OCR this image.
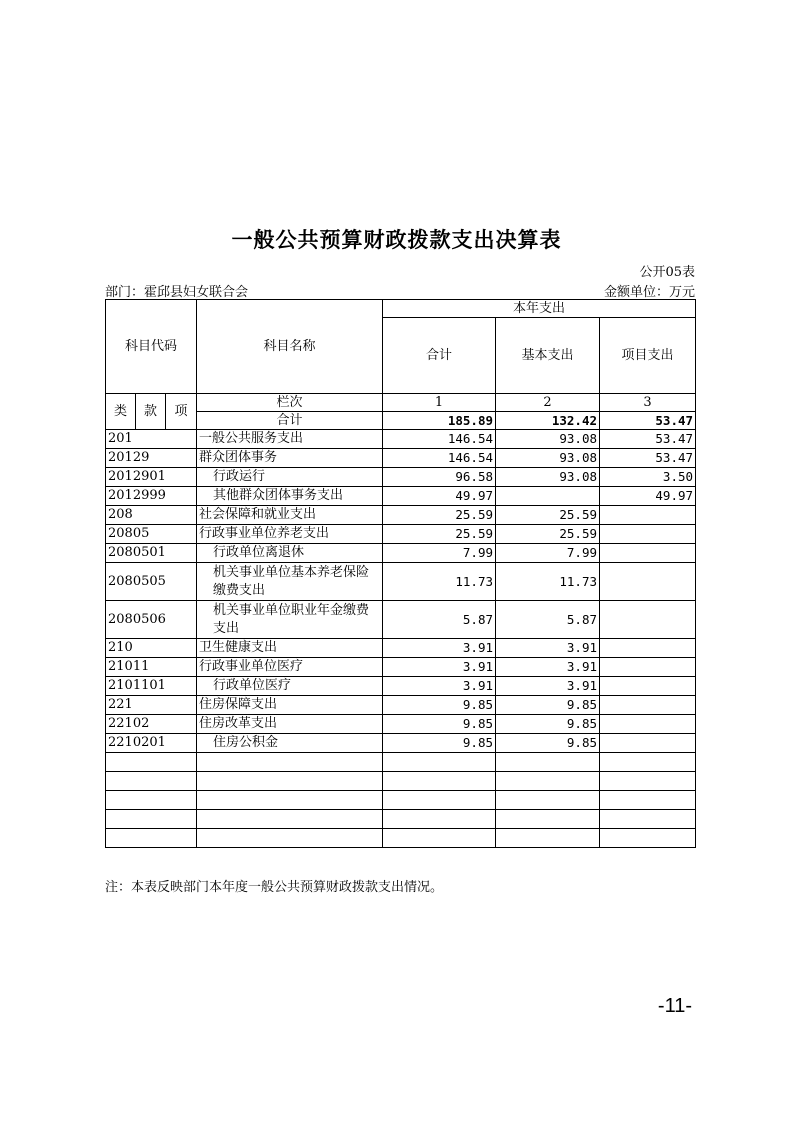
一般公共预算财政拨款支出决算表
公开05表
部门：霍邱县妇女联合会	金额单位：万元
科目代码			科目名称	本年支出		
				合计	基本支出	项目支出
类	款	项	栏次	1	2	3
			合计	185.89	132.42	53.47
201			一般公共服务支出	146.54	93.08	53.47
20129			群众团体事务	146.54	93.08	53.47
2012901			行政运行	96.58	93.08	3.50
2012999			其他群众团体事务支出	49.97		49.97
208			社会保障和就业支出	25.59	25.59	
20805			行政事业单位养老支出	25.59	25.59	
2080501			行政单位离退休	7.99	7.99	
2080505			机关事业单位基本养老保险缴费支出	11.73	11.73	
2080506			机关事业单位职业年金缴费支出	5.87	5.87	
210			卫生健康支出	3.91	3.91	
21011			行政事业单位医疗	3.91	3.91	
2101101			行政单位医疗	3.91	3.91	
221			住房保障支出	9.85	9.85	
22102			住房改革支出	9.85	9.85	
2210201			住房公积金	9.85	9.85	

注：本表反映部门本年度一般公共预算财政拨款支出情况。
-11-
